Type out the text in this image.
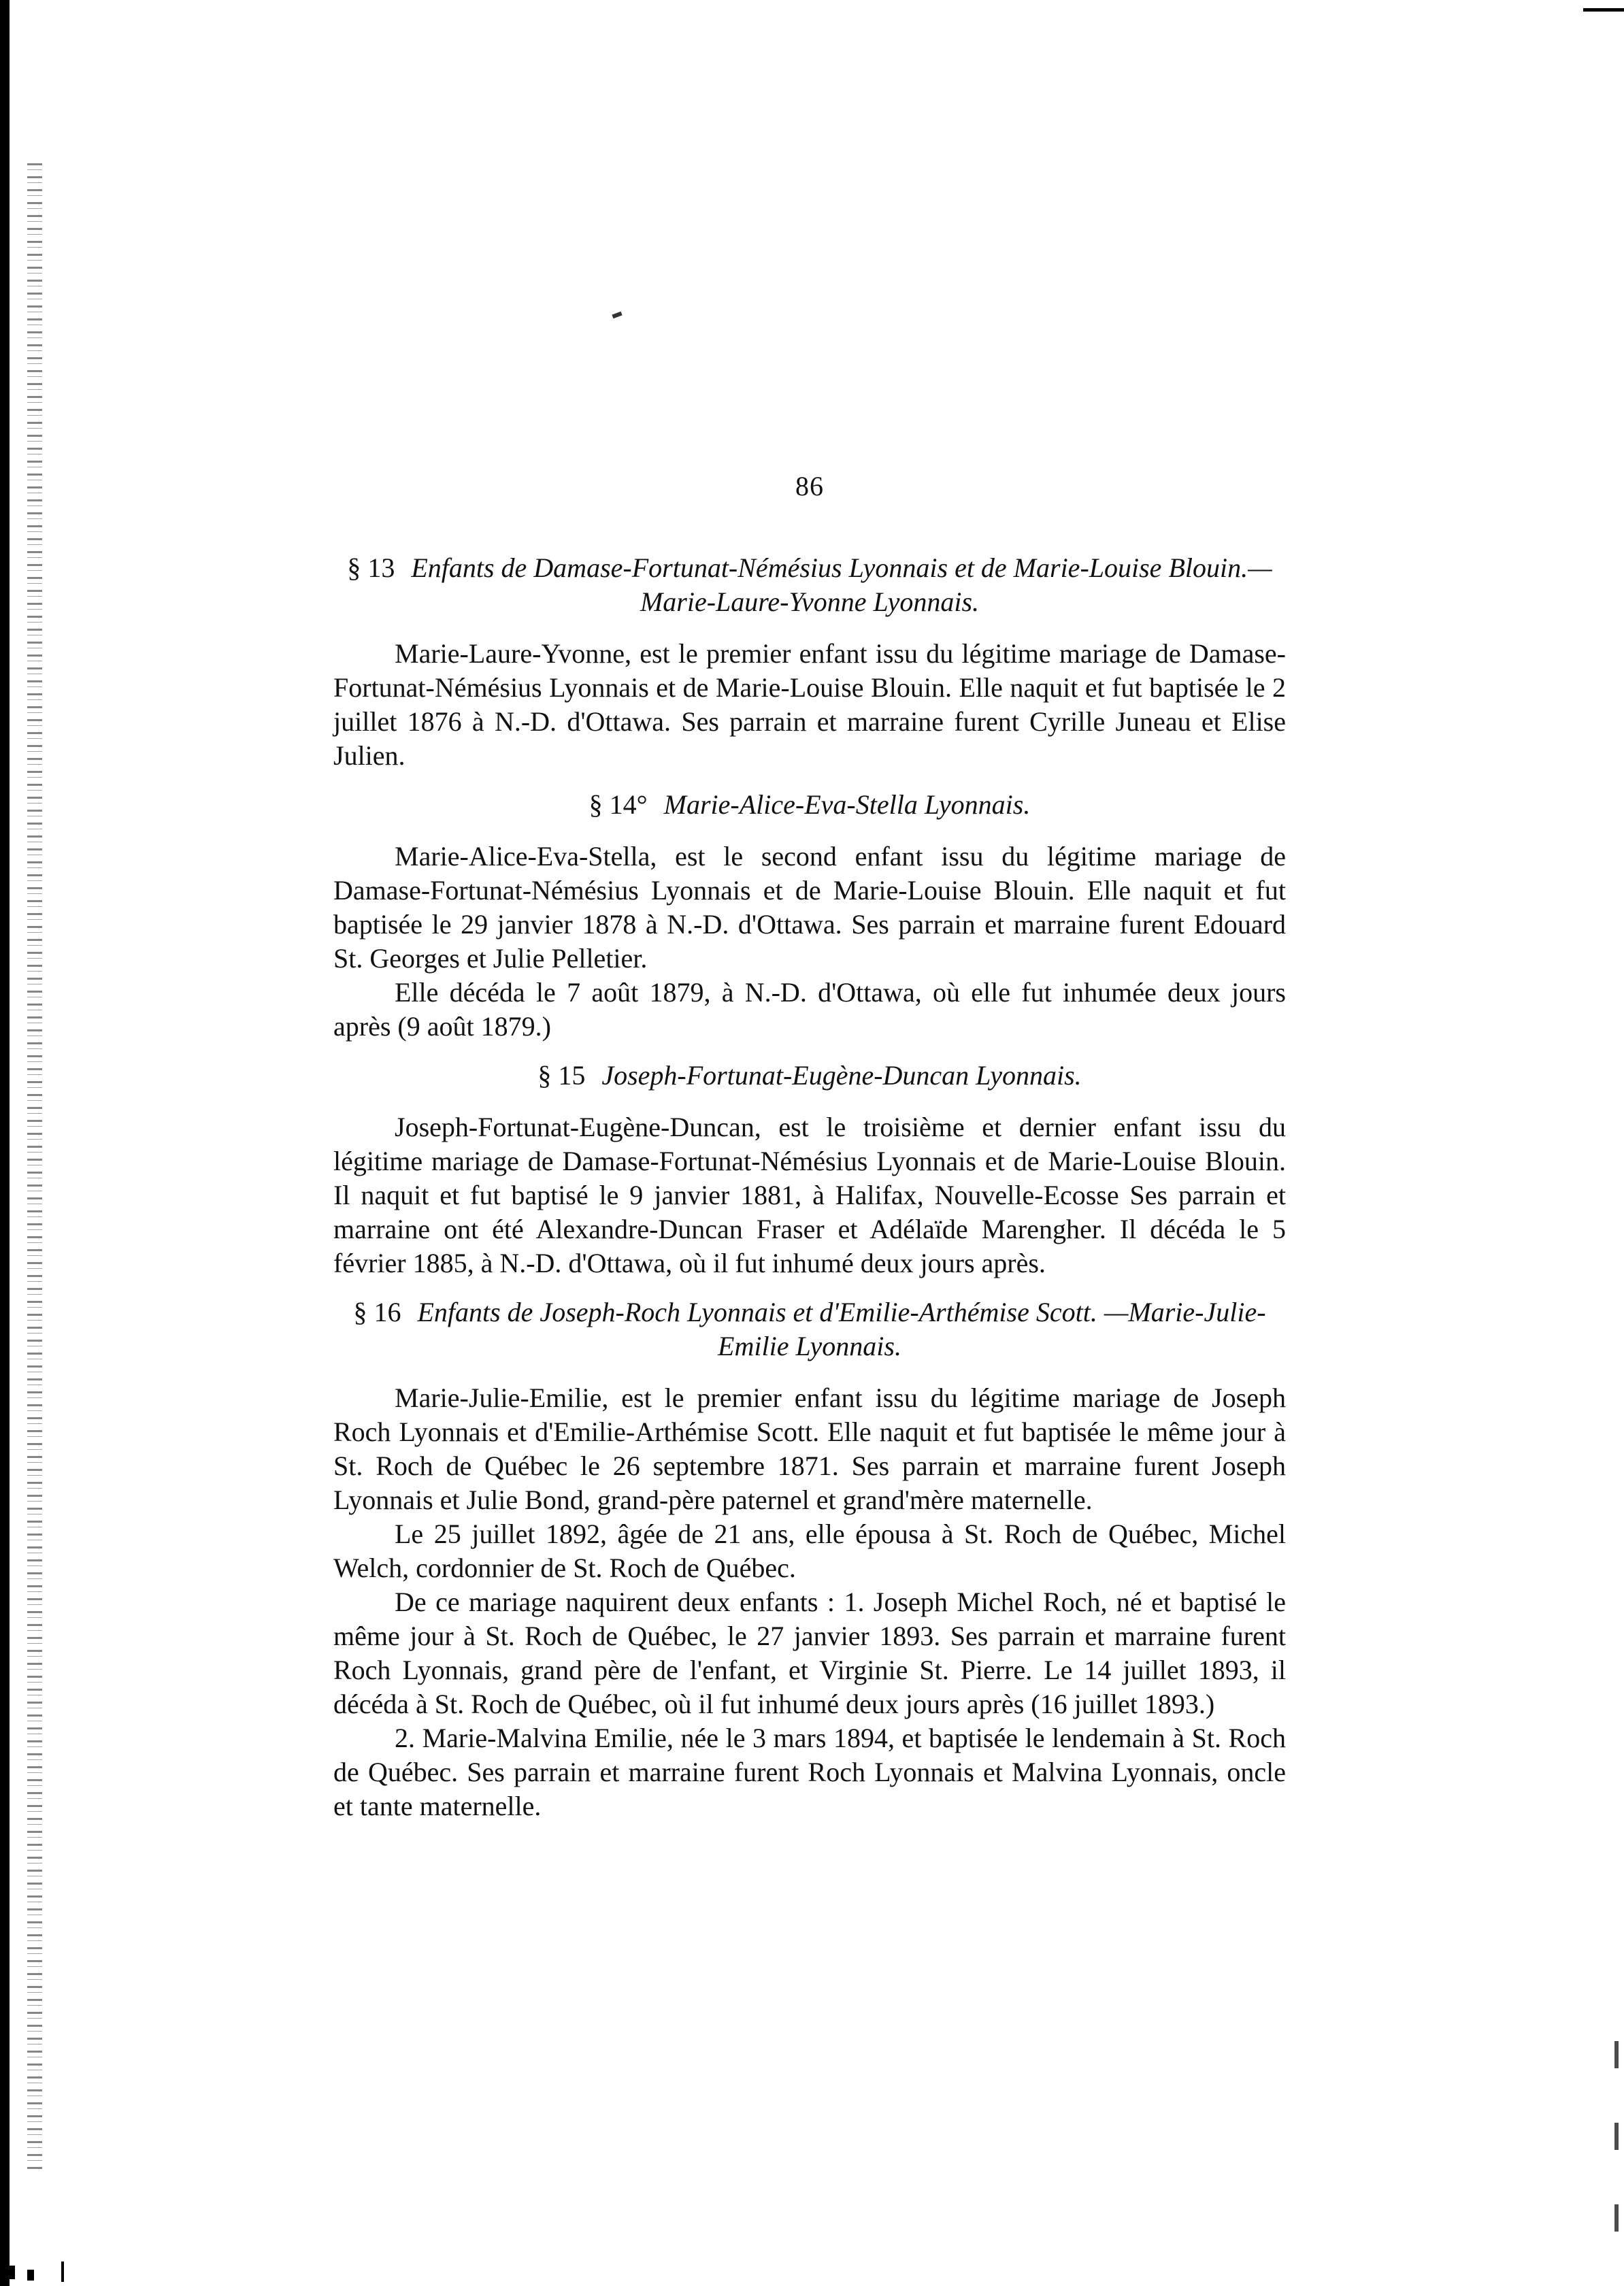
86
§ 13 Enfants de Damase-Fortunat-Némésius Lyonnais et de Marie-Louise Blouin.—Marie-Laure-Yvonne Lyonnais.

Marie-Laure-Yvonne, est le premier enfant issu du légitime mariage de Damase-Fortunat-Némésius Lyonnais et de Marie-Louise Blouin. Elle naquit et fut baptisée le 2 juillet 1876 à N.-D. d'Ottawa. Ses parrain et marraine furent Cyrille Juneau et Elise Julien.

§ 14° Marie-Alice-Eva-Stella Lyonnais.

Marie-Alice-Eva-Stella, est le second enfant issu du légitime mariage de Damase-Fortunat-Némésius Lyonnais et de Marie-Louise Blouin. Elle naquit et fut baptisée le 29 janvier 1878 à N.-D. d'Ottawa. Ses parrain et marraine furent Edouard St. Georges et Julie Pelletier.

Elle décéda le 7 août 1879, à N.-D. d'Ottawa, où elle fut inhumée deux jours après (9 août 1879.)

§ 15 Joseph-Fortunat-Eugène-Duncan Lyonnais.

Joseph-Fortunat-Eugène-Duncan, est le troisième et dernier enfant issu du légitime mariage de Damase-Fortunat-Némésius Lyonnais et de Marie-Louise Blouin. Il naquit et fut baptisé le 9 janvier 1881, à Halifax, Nouvelle-Ecosse Ses parrain et marraine ont été Alexandre-Duncan Fraser et Adélaïde Marengher. Il décéda le 5 février 1885, à N.-D. d'Ottawa, où il fut inhumé deux jours après.

§ 16 Enfants de Joseph-Roch Lyonnais et d'Emilie-Arthémise Scott. —Marie-Julie-Emilie Lyonnais.

Marie-Julie-Emilie, est le premier enfant issu du légitime mariage de Joseph Roch Lyonnais et d'Emilie-Arthémise Scott. Elle naquit et fut baptisée le même jour à St. Roch de Québec le 26 septembre 1871. Ses parrain et marraine furent Joseph Lyonnais et Julie Bond, grand-père paternel et grand'mère maternelle.

Le 25 juillet 1892, âgée de 21 ans, elle épousa à St. Roch de Québec, Michel Welch, cordonnier de St. Roch de Québec.

De ce mariage naquirent deux enfants : 1. Joseph Michel Roch, né et baptisé le même jour à St. Roch de Québec, le 27 janvier 1893. Ses parrain et marraine furent Roch Lyonnais, grand père de l'enfant, et Virginie St. Pierre. Le 14 juillet 1893, il décéda à St. Roch de Québec, où il fut inhumé deux jours après (16 juillet 1893.)

2. Marie-Malvina Emilie, née le 3 mars 1894, et baptisée le lendemain à St. Roch de Québec. Ses parrain et marraine furent Roch Lyonnais et Malvina Lyonnais, oncle et tante maternelle.
